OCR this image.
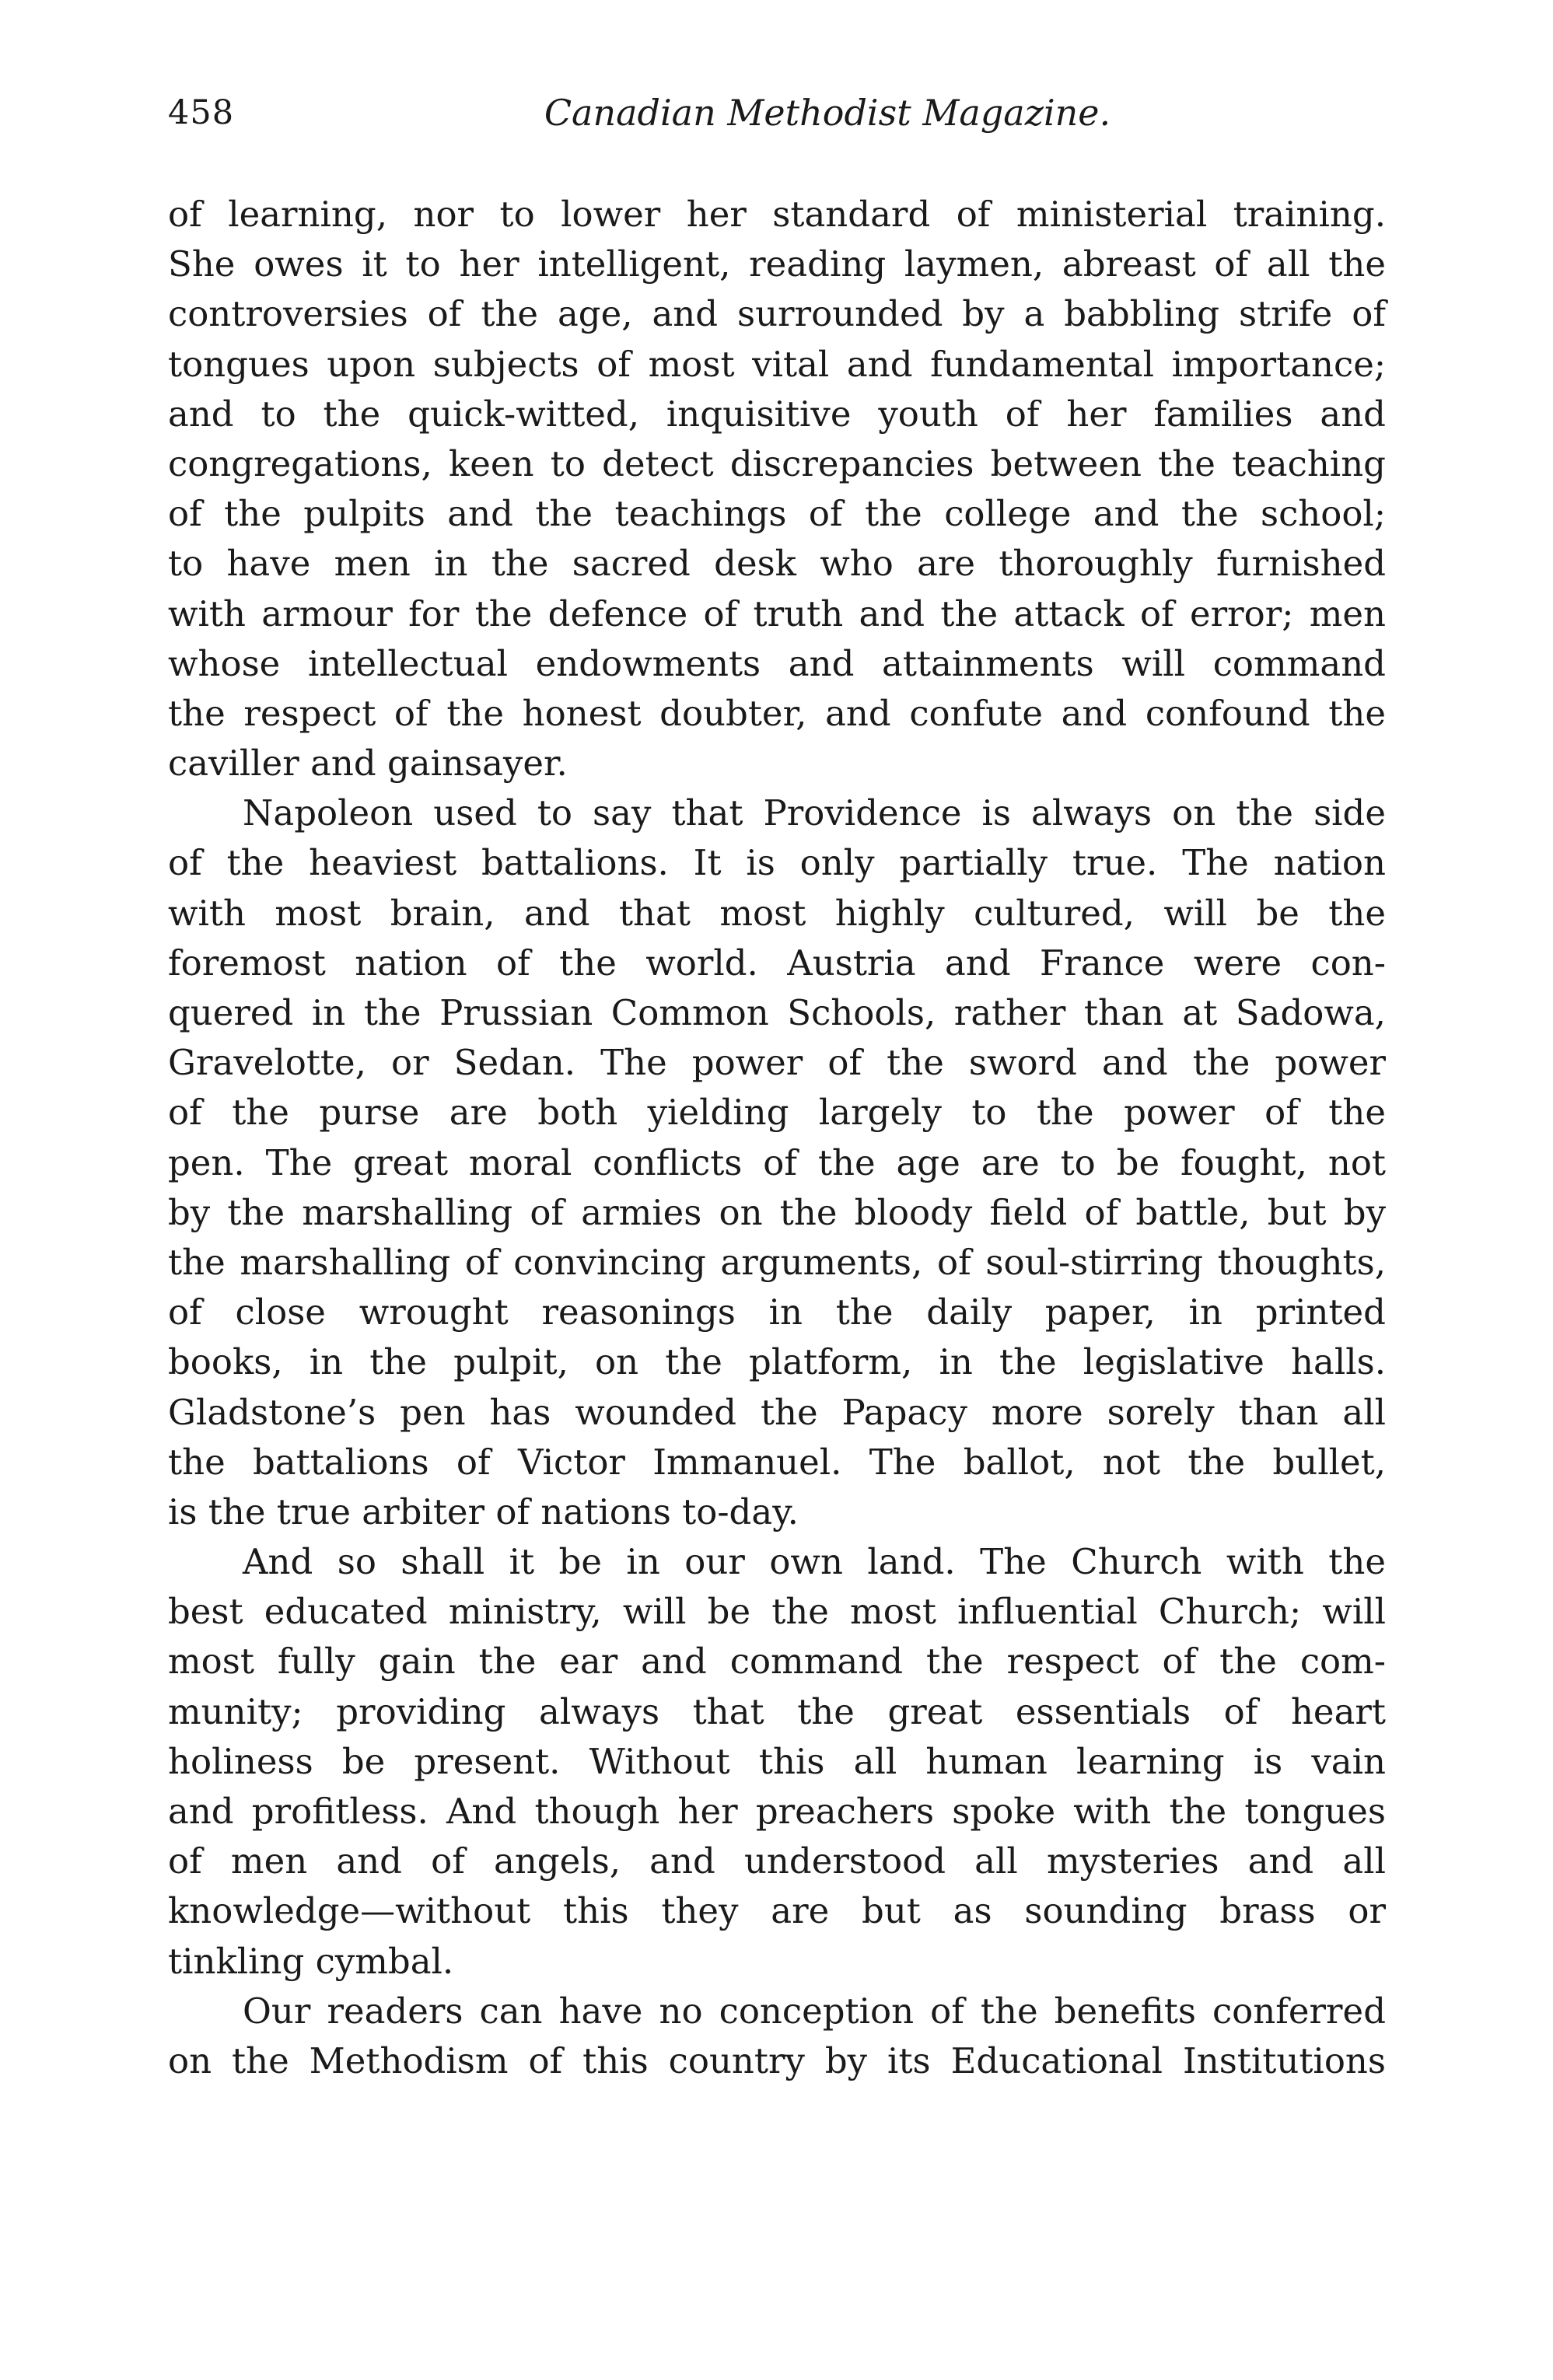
458	Canadian Methodist Magazine.

of learning, nor to lower her standard of ministerial training.
She owes it to her intelligent, reading laymen, abreast of all the
controversies of the age, and surrounded by a babbling strife of
tongues upon subjects of most vital and fundamental importance;
and to the quick-witted, inquisitive youth of her families and
congregations, keen to detect discrepancies between the teaching
of the pulpits and the teachings of the college and the school;
to have men in the sacred desk who are thoroughly furnished
with armour for the defence of truth and the attack of error; men
whose intellectual endowments and attainments will command
the respect of the honest doubter, and confute and confound the
caviller and gainsayer.

Napoleon used to say that Providence is always on the side
of the heaviest battalions. It is only partially true. The nation
with most brain, and that most highly cultured, will be the
foremost nation of the world. Austria and France were con-
quered in the Prussian Common Schools, rather than at Sadowa,
Gravelotte, or Sedan. The power of the sword and the power
of the purse are both yielding largely to the power of the
pen. The great moral conflicts of the age are to be fought, not
by the marshalling of armies on the bloody field of battle, but by
the marshalling of convincing arguments, of soul-stirring thoughts,
of close wrought reasonings in the daily paper, in printed
books, in the pulpit, on the platform, in the legislative halls.
Gladstone’s pen has wounded the Papacy more sorely than all
the battalions of Victor Immanuel. The ballot, not the bullet,
is the true arbiter of nations to-day.

And so shall it be in our own land. The Church with the
best educated ministry, will be the most influential Church; will
most fully gain the ear and command the respect of the com-
munity; providing always that the great essentials of heart
holiness be present. Without this all human learning is vain
and profitless. And though her preachers spoke with the tongues
of men and of angels, and understood all mysteries and all
knowledge—without this they are but as sounding brass or
tinkling cymbal.

Our readers can have no conception of the benefits conferred
on the Methodism of this country by its Educational Institutions
